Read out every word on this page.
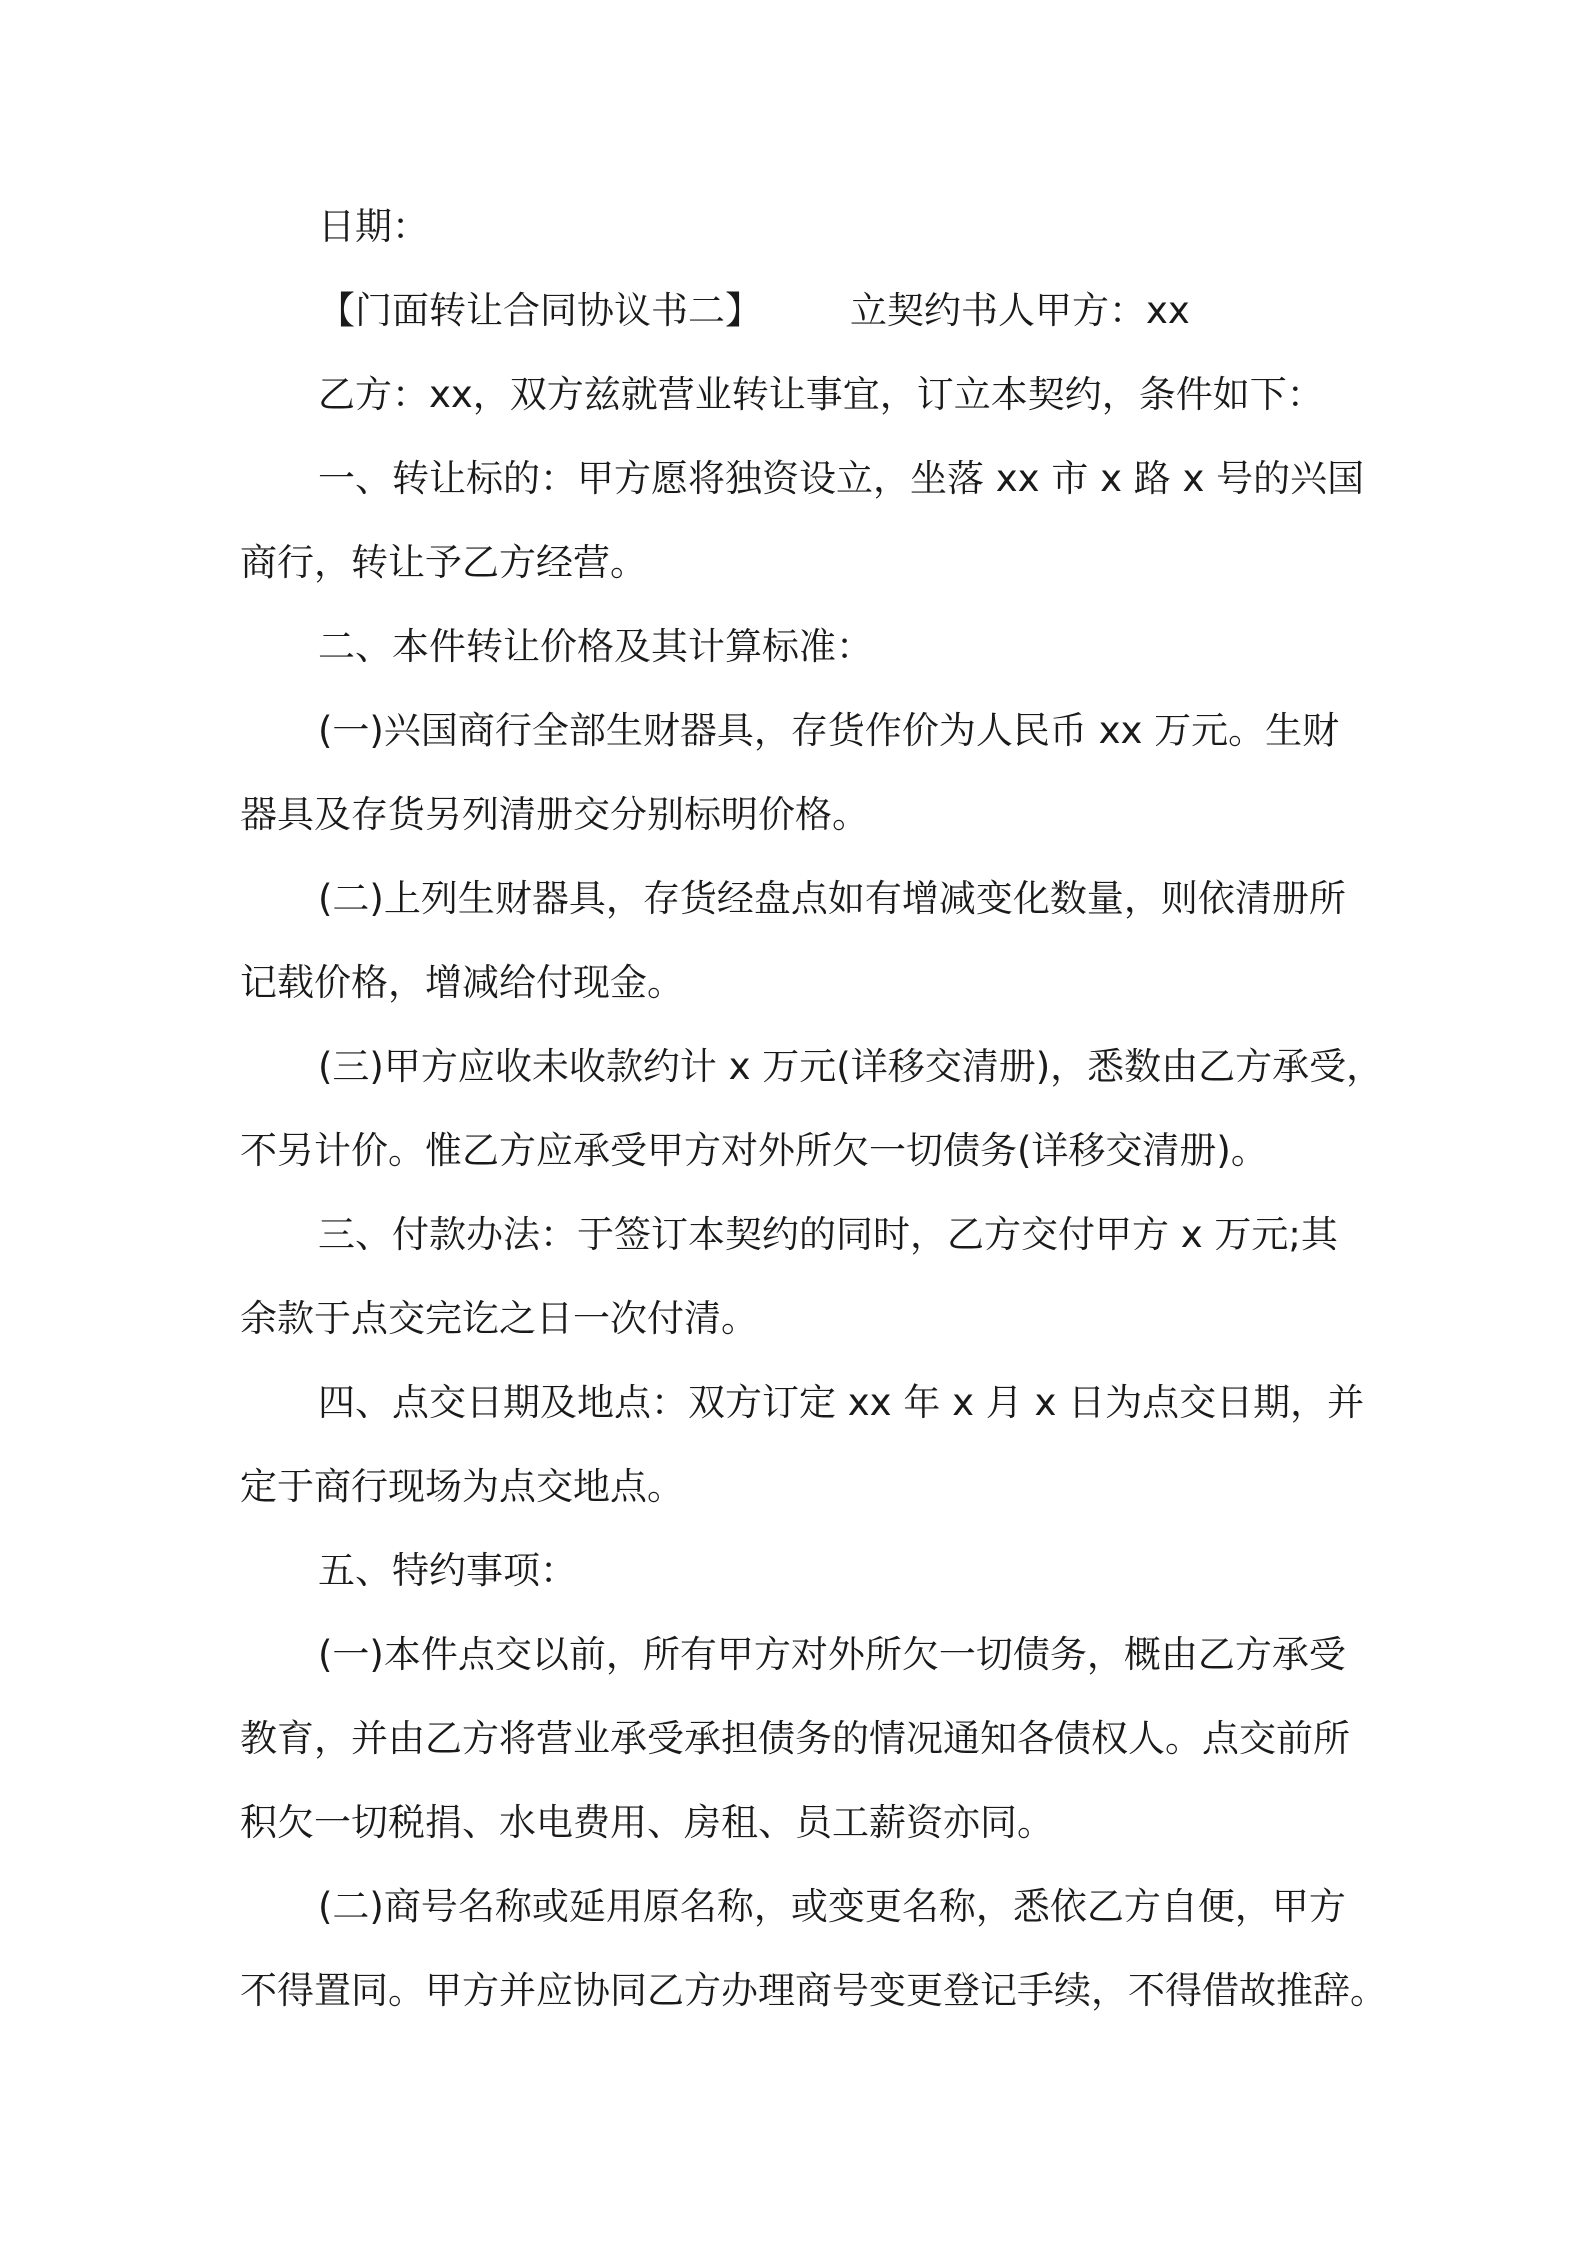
日期：
【门面转让合同协议书二】 立契约书人甲方：xx
乙方：xx，双方兹就营业转让事宜，订立本契约，条件如下：
一、转让标的：甲方愿将独资设立，坐落 xx 市 x 路 x 号的兴国
商行，转让予乙方经营。
二、本件转让价格及其计算标准：
(一)兴国商行全部生财器具，存货作价为人民币 xx 万元。生财
器具及存货另列清册交分别标明价格。
(二)上列生财器具，存货经盘点如有增减变化数量，则依清册所
记载价格，增减给付现金。
(三)甲方应收未收款约计 x 万元(详移交清册)，悉数由乙方承受，
不另计价。惟乙方应承受甲方对外所欠一切债务(详移交清册)。
三、付款办法：于签订本契约的同时，乙方交付甲方 x 万元;其
余款于点交完讫之日一次付清。
四、点交日期及地点：双方订定 xx 年 x 月 x 日为点交日期，并
定于商行现场为点交地点。
五、特约事项：
(一)本件点交以前，所有甲方对外所欠一切债务，概由乙方承受
教育，并由乙方将营业承受承担债务的情况通知各债权人。点交前所
积欠一切税捐、水电费用、房租、员工薪资亦同。
(二)商号名称或延用原名称，或变更名称，悉依乙方自便，甲方
不得置同。甲方并应协同乙方办理商号变更登记手续，不得借故推辞。
